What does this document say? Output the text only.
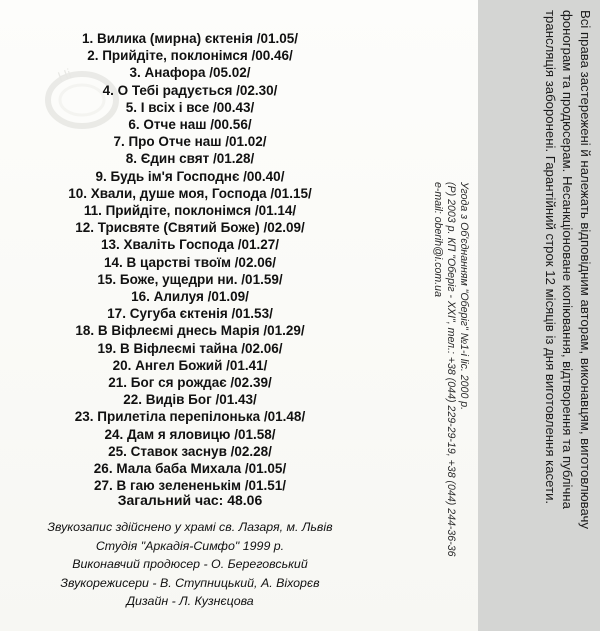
Hi
1. Вилика (мирна) єктенія /01.05/
2. Прийдіте, поклонімся /00.46/
3. Анафора /05.02/
4. О Тебі радується /02.30/
5. І всіх і все /00.43/
6. Отче наш /00.56/
7. Про Отче наш /01.02/
8. Єдин свят /01.28/
9. Будь ім'я Господнє /00.40/
10. Хвали, душе моя, Господа /01.15/
11. Прийдіте, поклонімся /01.14/
12. Трисвяте (Святий Боже) /02.09/
13. Хваліть Господа /01.27/
14. В царстві твоїм /02.06/
15. Боже, ущедри ни. /01.59/
16. Алилуя /01.09/
17. Сугуба єктенія /01.53/
18. В Віфлеємі днесь Марія /01.29/
19. В Віфлеємі тайна /02.06/
20. Ангел Божий /01.41/
21. Бог ся рождає /02.39/
22. Видів Бог /01.43/
23. Прилетіла перепілонька /01.48/
24. Дам я яловицю /01.58/
25. Ставок заснув /02.28/
26. Мала баба Михала /01.05/
27. В гаю зелененькім /01.51/
Загальний час: 48.06
Звукозапис здійснено у храмі св. Лазаря, м. Львів
Студія "Аркадія-Симфо" 1999 р.
Виконавчий продюсер - О. Береговський
Звукорежисери - В. Ступницький, А. Віхорєв
Дизайн - Л. Кузнєцова
Всі права застережені й належать відповідним авторам, виконавцям, виготовлювачу
фонограм та продюсерам. Несанкціоноване копіювання, відтворення та публічна
трансляція заборонені. Гарантійний строк 12 місяців із дня виготовлення касети.
Угода з Об'єднанням "Оберіг" №1-і lic. 2000 р.
(P) 2003 р. КП "Оберіг - XXI", тел.: +38 (044) 229-29-19, +38 (044) 244-36-36
e-mail: oberih@i.com.ua
